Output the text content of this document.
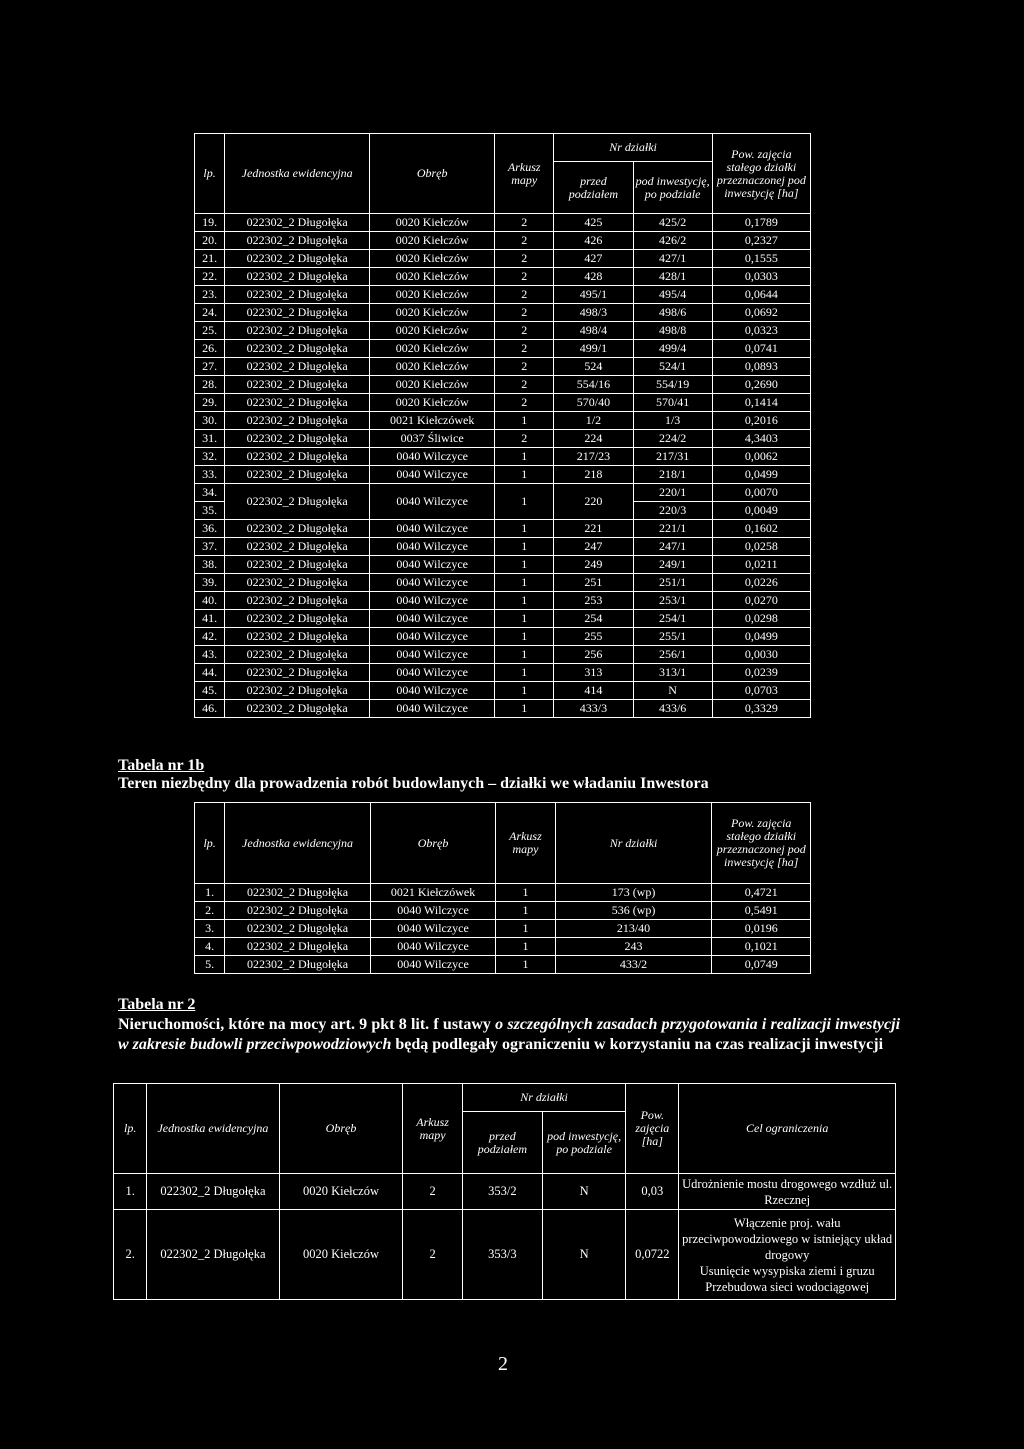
lp.	Jednostka ewidencyjna	Obręb	Arkusz mapy	Nr działki		Pow. zajęcia stałego działki przeznaczonej pod inwestycję [ha]
				przed podziałem	pod inwestycję, po podziale	
19.	022302_2 Długołęka	0020 Kiełczów	2	425	425/2	0,1789
20.	022302_2 Długołęka	0020 Kiełczów	2	426	426/2	0,2327
21.	022302_2 Długołęka	0020 Kiełczów	2	427	427/1	0,1555
22.	022302_2 Długołęka	0020 Kiełczów	2	428	428/1	0,0303
23.	022302_2 Długołęka	0020 Kiełczów	2	495/1	495/4	0,0644
24.	022302_2 Długołęka	0020 Kiełczów	2	498/3	498/6	0,0692
25.	022302_2 Długołęka	0020 Kiełczów	2	498/4	498/8	0,0323
26.	022302_2 Długołęka	0020 Kiełczów	2	499/1	499/4	0,0741
27.	022302_2 Długołęka	0020 Kiełczów	2	524	524/1	0,0893
28.	022302_2 Długołęka	0020 Kiełczów	2	554/16	554/19	0,2690
29.	022302_2 Długołęka	0020 Kiełczów	2	570/40	570/41	0,1414
30.	022302_2 Długołęka	0021 Kiełczówek	1	1/2	1/3	0,2016
31.	022302_2 Długołęka	0037 Śliwice	2	224	224/2	4,3403
32.	022302_2 Długołęka	0040 Wilczyce	1	217/23	217/31	0,0062
33.	022302_2 Długołęka	0040 Wilczyce	1	218	218/1	0,0499
34.	022302_2 Długołęka	0040 Wilczyce	1	220	220/1	0,0070
35.					220/3	0,0049
36.	022302_2 Długołęka	0040 Wilczyce	1	221	221/1	0,1602
37.	022302_2 Długołęka	0040 Wilczyce	1	247	247/1	0,0258
38.	022302_2 Długołęka	0040 Wilczyce	1	249	249/1	0,0211
39.	022302_2 Długołęka	0040 Wilczyce	1	251	251/1	0,0226
40.	022302_2 Długołęka	0040 Wilczyce	1	253	253/1	0,0270
41.	022302_2 Długołęka	0040 Wilczyce	1	254	254/1	0,0298
42.	022302_2 Długołęka	0040 Wilczyce	1	255	255/1	0,0499
43.	022302_2 Długołęka	0040 Wilczyce	1	256	256/1	0,0030
44.	022302_2 Długołęka	0040 Wilczyce	1	313	313/1	0,0239
45.	022302_2 Długołęka	0040 Wilczyce	1	414	N	0,0703
46.	022302_2 Długołęka	0040 Wilczyce	1	433/3	433/6	0,3329
Tabela nr 1b
Teren niezbędny dla prowadzenia robót budowlanych – działki we władaniu Inwestora
lp.	Jednostka ewidencyjna	Obręb	Arkusz mapy	Nr działki	Pow. zajęcia stałego działki przeznaczonej pod inwestycję [ha]
1.	022302_2 Długołęka	0021 Kiełczówek	1	173 (wp)	0,4721
2.	022302_2 Długołęka	0040 Wilczyce	1	536 (wp)	0,5491
3.	022302_2 Długołęka	0040 Wilczyce	1	213/40	0,0196
4.	022302_2 Długołęka	0040 Wilczyce	1	243	0,1021
5.	022302_2 Długołęka	0040 Wilczyce	1	433/2	0,0749
Tabela nr 2
Nieruchomości, które na mocy art. 9 pkt 8 lit. f ustawy o szczególnych zasadach przygotowania i realizacji inwestycji w zakresie budowli przeciwpowodziowych będą podlegały ograniczeniu w korzystaniu na czas realizacji inwestycji
lp.	Jednostka ewidencyjna	Obręb	Arkusz mapy	Nr działki		Pow. zajęcia [ha]	Cel ograniczenia
				przed podziałem	pod inwestycję, po podziale		
1.	022302_2 Długołęka	0020 Kiełczów	2	353/2	N	0,03	Udrożnienie mostu drogowego wzdłuż ul. Rzecznej

2.	022302_2 Długołęka	0020 Kiełczów	2	353/3	N	0,0722	Włączenie proj. wału przeciwpowodziowego w istniejący układ drogowy
Usunięcie wysypiska ziemi i gruzu
Przebudowa sieci wodociągowej
2
